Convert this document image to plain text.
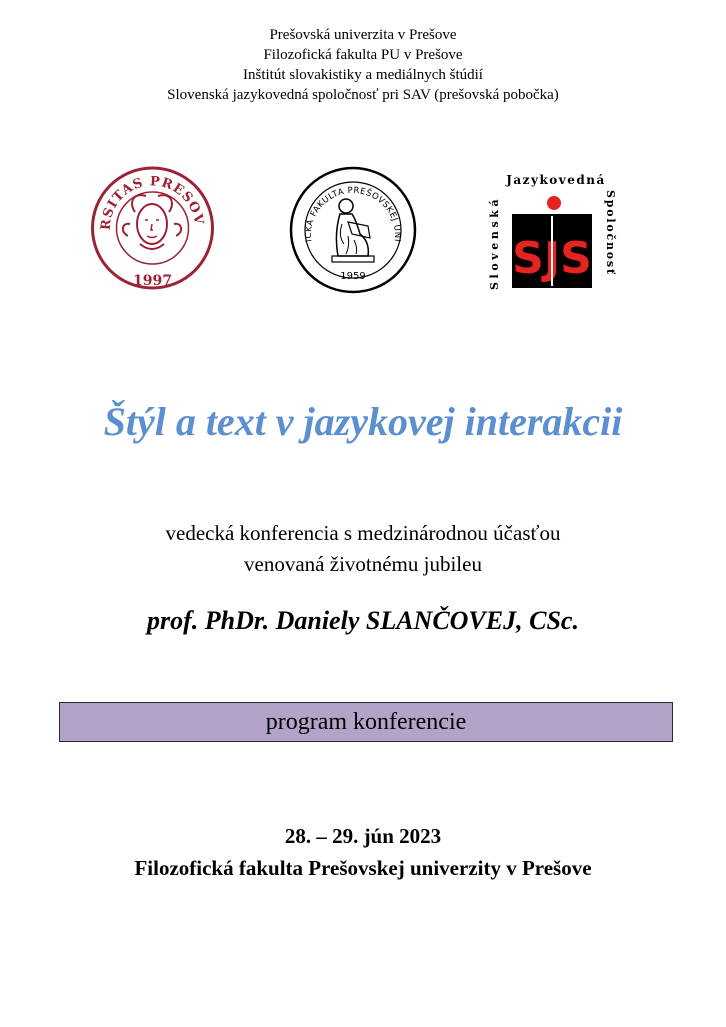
Prešovská univerzita v Prešove
Filozofická fakulta PU v Prešove
Inštitút slovakistiky a mediálnych štúdií
Slovenská jazykovedná spoločnosť pri SAV (prešovská pobočka)
RSITAS PRESOV
1997
ICKÁ FAKULTA PREŠOVSKEJ UNI
1959
Jazykovedná
Slovenská	Spoločnosť
SJS
Štýl a text v jazykovej interakcii
vedecká konferencia s medzinárodnou účasťou
venovaná životnému jubileu
prof. PhDr. Daniely SLANČOVEJ, CSc.
program konferencie
28. – 29. jún 2023
Filozofická fakulta Prešovskej univerzity v Prešove
